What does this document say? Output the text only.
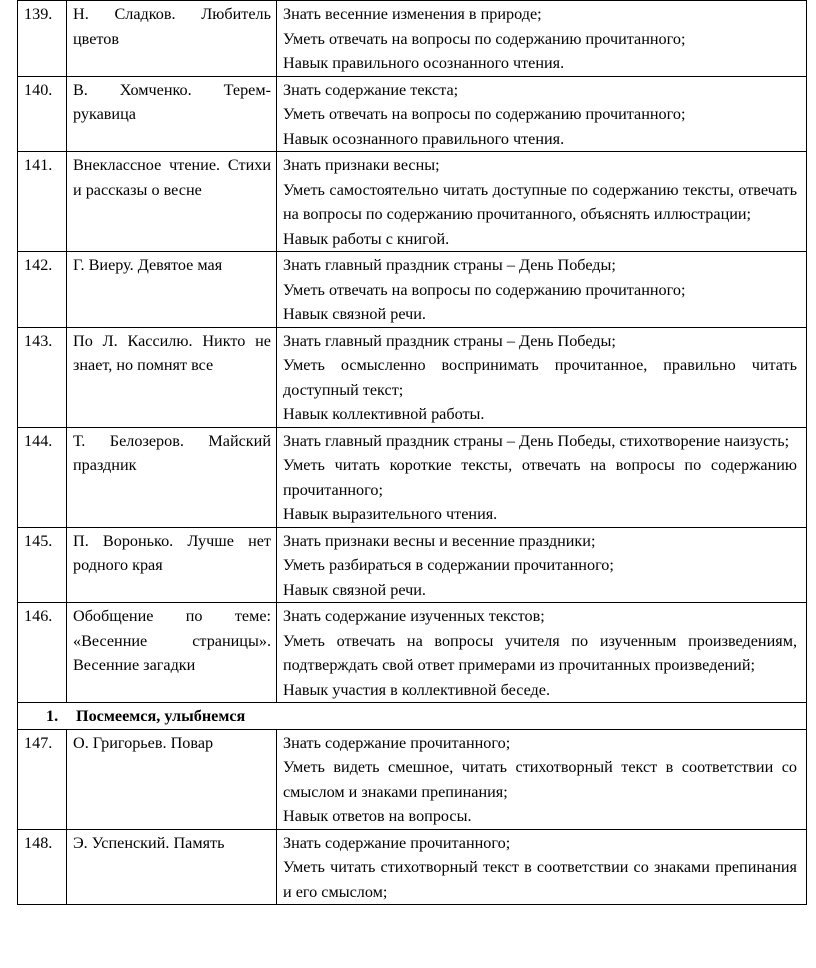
139.	Н. Сладков. Любитель цветов	Знать весенние изменения в природе;
Уметь отвечать на вопросы по содержанию прочитанного;
Навык правильного осознанного чтения.

140.	В. Хомченко. Терем-рукавица	Знать содержание текста;
Уметь отвечать на вопросы по содержанию прочитанного;
Навык осознанного правильного чтения.

141.	Внеклассное чтение. Стихи и рассказы о весне	Знать признаки весны;
Уметь самостоятельно читать доступные по содержанию тексты, отвечать на вопросы по содержанию прочитанного, объяснять иллюстрации;
Навык работы с книгой.

142.	Г. Виеру. Девятое мая	Знать главный праздник страны – День Победы;
Уметь отвечать на вопросы по содержанию прочитанного;
Навык связной речи.

143.	По Л. Кассилю. Никто не знает, но помнят все	Знать главный праздник страны – День Победы;
Уметь осмысленно воспринимать прочитанное, правильно читать доступный текст;
Навык коллективной работы.

144.	Т. Белозеров. Майский праздник	Знать главный праздник страны – День Победы, стихотворение наизусть;
Уметь читать короткие тексты, отвечать на вопросы по содержанию прочитанного;
Навык выразительного чтения.

145.	П. Воронько. Лучше нет родного края	Знать признаки весны и весенние праздники;
Уметь разбираться в содержании прочитанного;
Навык связной речи.

146.	Обобщение по теме: «Весенние страницы». Весенние загадки	Знать содержание изученных текстов;
Уметь отвечать на вопросы учителя по изученным произведениям, подтверждать свой ответ примерами из прочитанных произведений;
Навык участия в коллективной беседе.

1. Посмеемся, улыбнемся		
147.	О. Григорьев. Повар	Знать содержание прочитанного;
Уметь видеть смешное, читать стихотворный текст в соответствии со смыслом и знаками препинания;
Навык ответов на вопросы.

148.	Э. Успенский. Память	Знать содержание прочитанного;
Уметь читать стихотворный текст в соответствии со знаками препинания и его смыслом;
